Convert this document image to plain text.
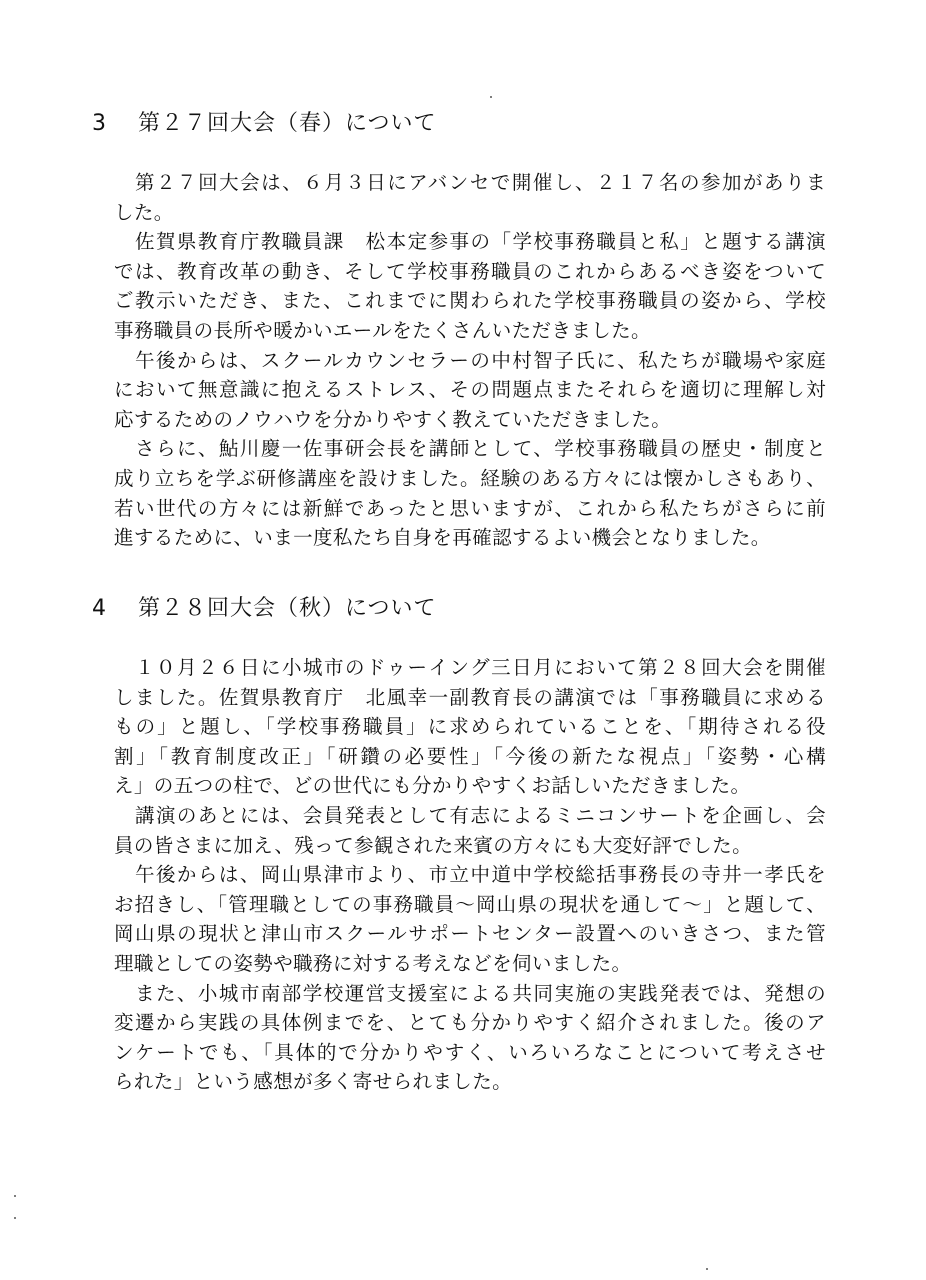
3 第２７回大会（春）について
　第２７回大会は、６月３日にアバンセで開催し、２１７名の参加がありま
した。
　佐賀県教育庁教職員課　松本定参事の「学校事務職員と私」と題する講演
では、教育改革の動き、そして学校事務職員のこれからあるべき姿をついて
ご教示いただき、また、これまでに関わられた学校事務職員の姿から、学校
事務職員の長所や暖かいエールをたくさんいただきました。
　午後からは、スクールカウンセラーの中村智子氏に、私たちが職場や家庭
において無意識に抱えるストレス、その問題点またそれらを適切に理解し対
応するためのノウハウを分かりやすく教えていただきました。
　さらに、鮎川慶一佐事研会長を講師として、学校事務職員の歴史・制度と
成り立ちを学ぶ研修講座を設けました。経験のある方々には懐かしさもあり、
若い世代の方々には新鮮であったと思いますが、これから私たちがさらに前
進するために、いま一度私たち自身を再確認するよい機会となりました。
4 第２８回大会（秋）について
　１０月２６日に小城市のドゥーイング三日月において第２８回大会を開催
しました。佐賀県教育庁　北風幸一副教育長の講演では「事務職員に求める
もの」と題し、「学校事務職員」に求められていることを、「期待される役
割」「教育制度改正」「研鑽の必要性」「今後の新たな視点」「姿勢・心構
え」の五つの柱で、どの世代にも分かりやすくお話しいただきました。
　講演のあとには、会員発表として有志によるミニコンサートを企画し、会
員の皆さまに加え、残って参観された来賓の方々にも大変好評でした。
　午後からは、岡山県津市より、市立中道中学校総括事務長の寺井一孝氏を
お招きし、「管理職としての事務職員～岡山県の現状を通して～」と題して、
岡山県の現状と津山市スクールサポートセンター設置へのいきさつ、また管
理職としての姿勢や職務に対する考えなどを伺いました。
　また、小城市南部学校運営支援室による共同実施の実践発表では、発想の
変遷から実践の具体例までを、とても分かりやすく紹介されました。後のア
ンケートでも、「具体的で分かりやすく、いろいろなことについて考えさせ
られた」という感想が多く寄せられました。
